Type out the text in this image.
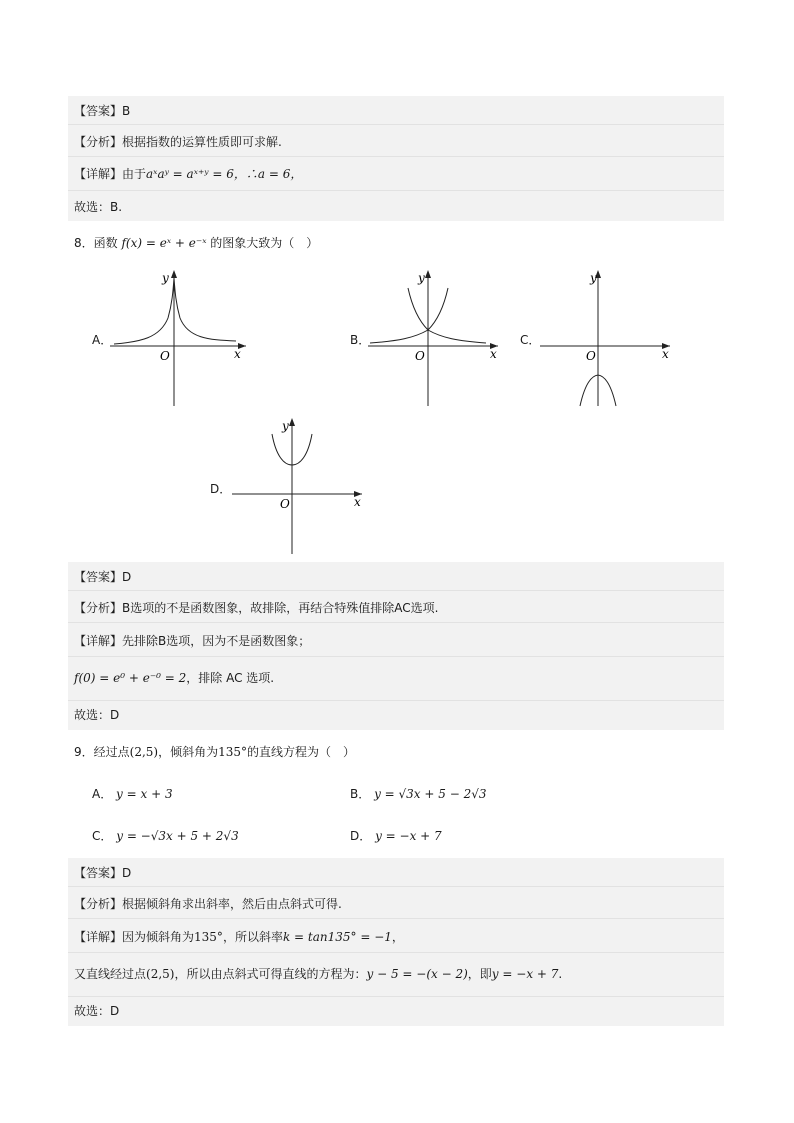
【答案】B
【分析】根据指数的运算性质即可求解.
【详解】由于aˣaʸ = aˣ⁺ʸ = 6，∴a = 6，
故选：B.
8．函数 f(x) = eˣ + e⁻ˣ 的图象大致为（　）
A．
x
y
O
B．
x
y
O
C．
x
y
O
D．
x
y
O
【答案】D
【分析】B选项的不是函数图象，故排除，再结合特殊值排除AC选项.
【详解】先排除B选项，因为不是函数图象；
f(0) = e⁰ + e⁻⁰ = 2，排除 AC 选项.
故选：D
9．经过点(2,5)，倾斜角为135°的直线方程为（　）
A． y = x + 3	B． y = √3x + 5 − 2√3
C． y = −√3x + 5 + 2√3	D． y = −x + 7
【答案】D
【分析】根据倾斜角求出斜率，然后由点斜式可得.
【详解】因为倾斜角为135°，所以斜率k = tan135° = −1，
又直线经过点(2,5)，所以由点斜式可得直线的方程为：y − 5 = −(x − 2)，即y = −x + 7.
故选：D
